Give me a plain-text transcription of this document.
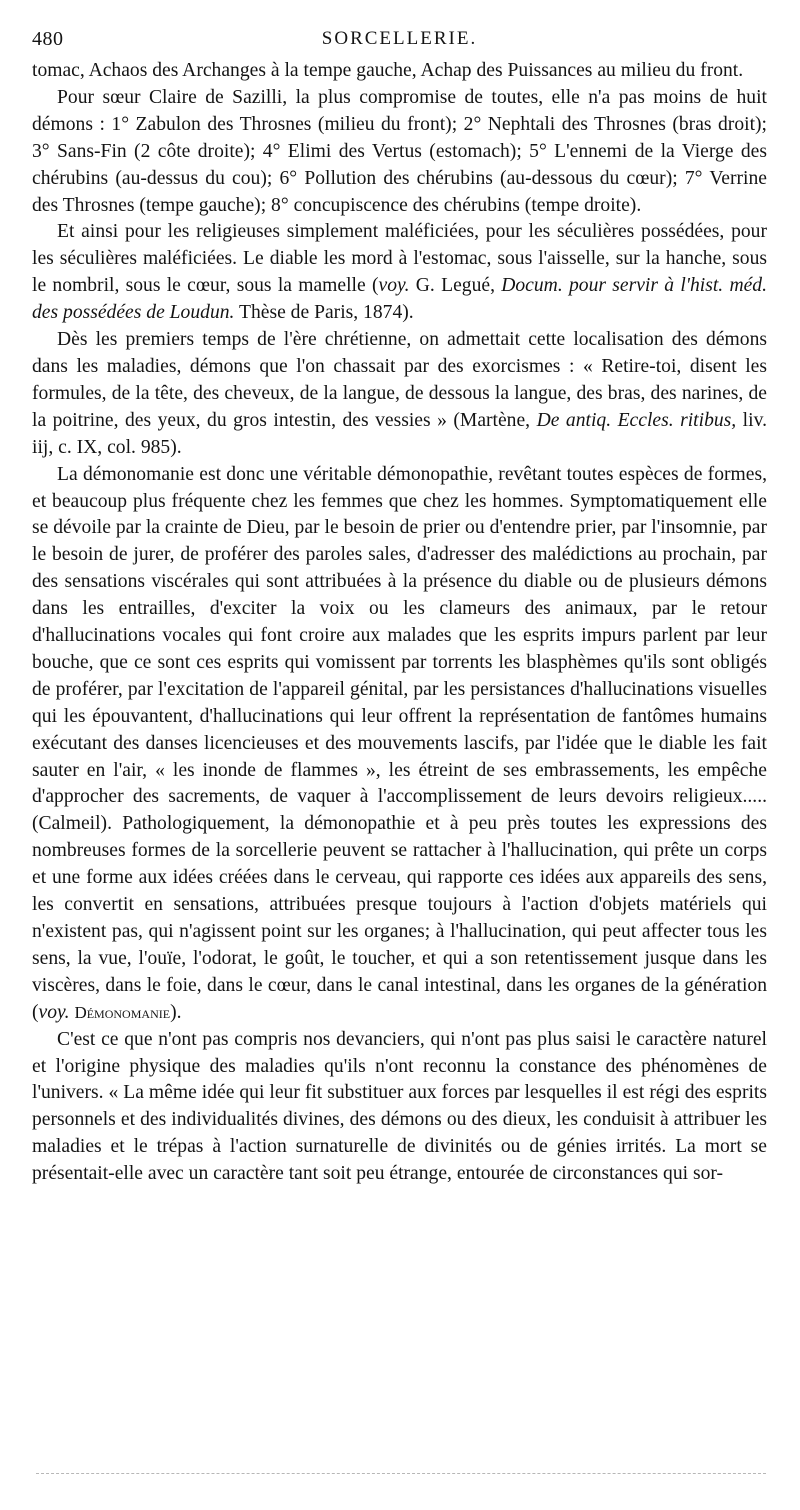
480	SORCELLERIE.

tomac, Achaos des Archanges à la tempe gauche, Achap des Puissances au milieu du front.

Pour sœur Claire de Sazilli, la plus compromise de toutes, elle n'a pas moins de huit démons : 1° Zabulon des Throsnes (milieu du front); 2° Nephtali des Throsnes (bras droit); 3° Sans-Fin (2 côte droite); 4° Elimi des Vertus (estomach); 5° L'ennemi de la Vierge des chérubins (au-dessus du cou); 6° Pollution des chérubins (au-dessous du cœur); 7° Verrine des Throsnes (tempe gauche); 8° concupiscence des chérubins (tempe droite).

Et ainsi pour les religieuses simplement maléficiées, pour les séculières possédées, pour les séculières maléficiées. Le diable les mord à l'estomac, sous l'aisselle, sur la hanche, sous le nombril, sous le cœur, sous la mamelle (voy. G. Legué, Docum. pour servir à l'hist. méd. des possédées de Loudun. Thèse de Paris, 1874).

Dès les premiers temps de l'ère chrétienne, on admettait cette localisation des démons dans les maladies, démons que l'on chassait par des exorcismes : « Retire-toi, disent les formules, de la tête, des cheveux, de la langue, de dessous la langue, des bras, des narines, de la poitrine, des yeux, du gros intestin, des vessies » (Martène, De antiq. Eccles. ritibus, liv. iij, c. IX, col. 985).

La démonomanie est donc une véritable démonopathie, revêtant toutes espèces de formes, et beaucoup plus fréquente chez les femmes que chez les hommes. Symptomatiquement elle se dévoile par la crainte de Dieu, par le besoin de prier ou d'entendre prier, par l'insomnie, par le besoin de jurer, de proférer des paroles sales, d'adresser des malédictions au prochain, par des sensations viscérales qui sont attribuées à la présence du diable ou de plusieurs démons dans les entrailles, d'exciter la voix ou les clameurs des animaux, par le retour d'hallucinations vocales qui font croire aux malades que les esprits impurs parlent par leur bouche, que ce sont ces esprits qui vomissent par torrents les blasphèmes qu'ils sont obligés de proférer, par l'excitation de l'appareil génital, par les persistances d'hallucinations visuelles qui les épouvantent, d'hallucinations qui leur offrent la représentation de fantômes humains exécutant des danses licencieuses et des mouvements lascifs, par l'idée que le diable les fait sauter en l'air, « les inonde de flammes », les étreint de ses embrassements, les empêche d'approcher des sacrements, de vaquer à l'accomplissement de leurs devoirs religieux..... (Calmeil). Pathologiquement, la démonopathie et à peu près toutes les expressions des nombreuses formes de la sorcellerie peuvent se rattacher à l'hallucination, qui prête un corps et une forme aux idées créées dans le cerveau, qui rapporte ces idées aux appareils des sens, les convertit en sensations, attribuées presque toujours à l'action d'objets matériels qui n'existent pas, qui n'agissent point sur les organes; à l'hallucination, qui peut affecter tous les sens, la vue, l'ouïe, l'odorat, le goût, le toucher, et qui a son retentissement jusque dans les viscères, dans le foie, dans le cœur, dans le canal intestinal, dans les organes de la génération (voy. Démonomanie).

C'est ce que n'ont pas compris nos devanciers, qui n'ont pas plus saisi le caractère naturel et l'origine physique des maladies qu'ils n'ont reconnu la constance des phénomènes de l'univers. « La même idée qui leur fit substituer aux forces par lesquelles il est régi des esprits personnels et des individualités divines, des démons ou des dieux, les conduisit à attribuer les maladies et le trépas à l'action surnaturelle de divinités ou de génies irrités. La mort se présentait-elle avec un caractère tant soit peu étrange, entourée de circonstances qui sor-
